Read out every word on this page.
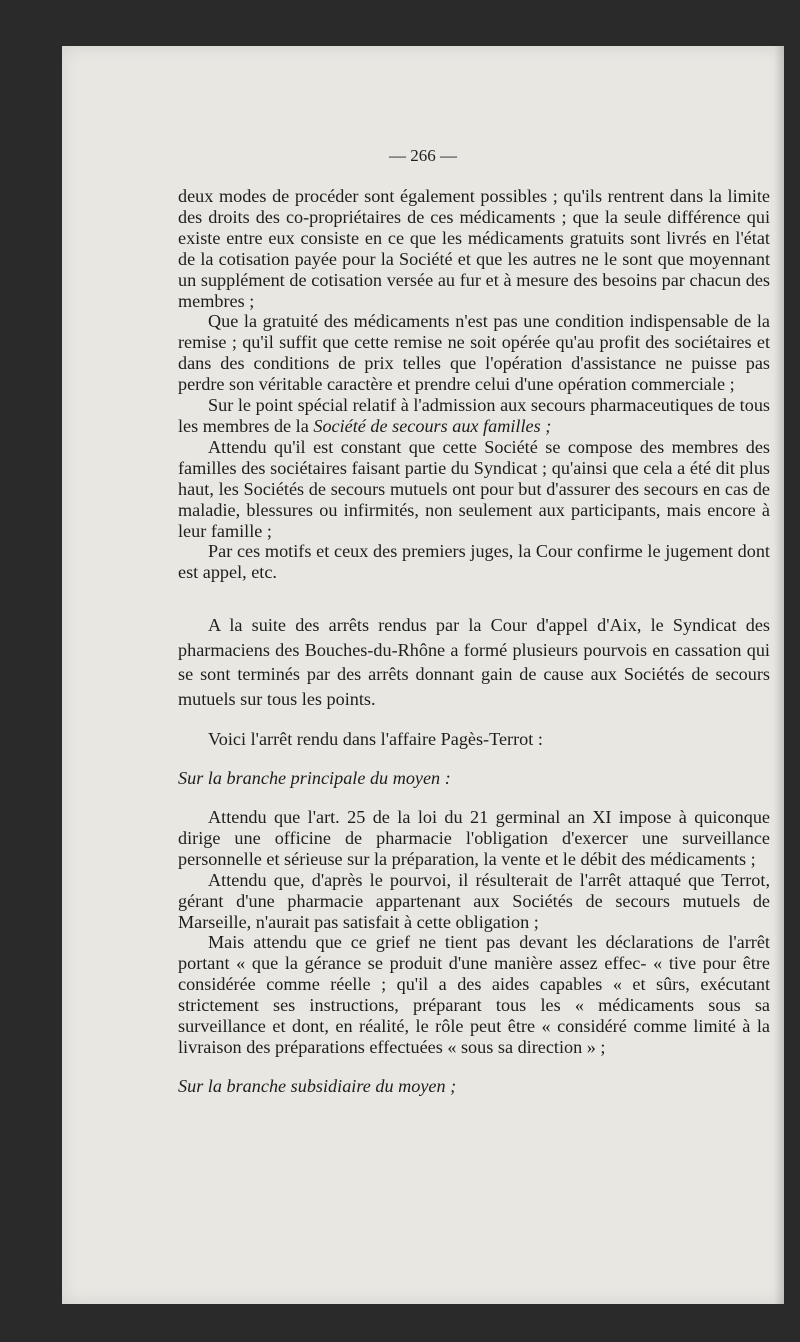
— 266 —

deux modes de procéder sont également possibles ; qu'ils rentrent dans la limite des droits des co-propriétaires de ces médicaments ; que la seule différence qui existe entre eux consiste en ce que les médicaments gratuits sont livrés en l'état de la cotisation payée pour la Société et que les autres ne le sont que moyennant un supplément de cotisation versée au fur et à mesure des besoins par chacun des membres ;

Que la gratuité des médicaments n'est pas une condition indispensable de la remise ; qu'il suffit que cette remise ne soit opérée qu'au profit des sociétaires et dans des conditions de prix telles que l'opération d'assistance ne puisse pas perdre son véritable caractère et prendre celui d'une opération commerciale ;

Sur le point spécial relatif à l'admission aux secours pharmaceutiques de tous les membres de la Société de secours aux familles ;

Attendu qu'il est constant que cette Société se compose des membres des familles des sociétaires faisant partie du Syndicat ; qu'ainsi que cela a été dit plus haut, les Sociétés de secours mutuels ont pour but d'assurer des secours en cas de maladie, blessures ou infirmités, non seulement aux participants, mais encore à leur famille ;

Par ces motifs et ceux des premiers juges, la Cour confirme le jugement dont est appel, etc.

A la suite des arrêts rendus par la Cour d'appel d'Aix, le Syndicat des pharmaciens des Bouches-du-Rhône a formé plusieurs pourvois en cassation qui se sont terminés par des arrêts donnant gain de cause aux Sociétés de secours mutuels sur tous les points.

Voici l'arrêt rendu dans l'affaire Pagès-Terrot :

Sur la branche principale du moyen :

Attendu que l'art. 25 de la loi du 21 germinal an XI impose à quiconque dirige une officine de pharmacie l'obligation d'exercer une surveillance personnelle et sérieuse sur la préparation, la vente et le débit des médicaments ;

Attendu que, d'après le pourvoi, il résulterait de l'arrêt attaqué que Terrot, gérant d'une pharmacie appartenant aux Sociétés de secours mutuels de Marseille, n'aurait pas satisfait à cette obligation ;

Mais attendu que ce grief ne tient pas devant les déclarations de l'arrêt portant « que la gérance se produit d'une manière assez effec- « tive pour être considérée comme réelle ; qu'il a des aides capables « et sûrs, exécutant strictement ses instructions, préparant tous les « médicaments sous sa surveillance et dont, en réalité, le rôle peut être « considéré comme limité à la livraison des préparations effectuées « sous sa direction » ;

Sur la branche subsidiaire du moyen ;
